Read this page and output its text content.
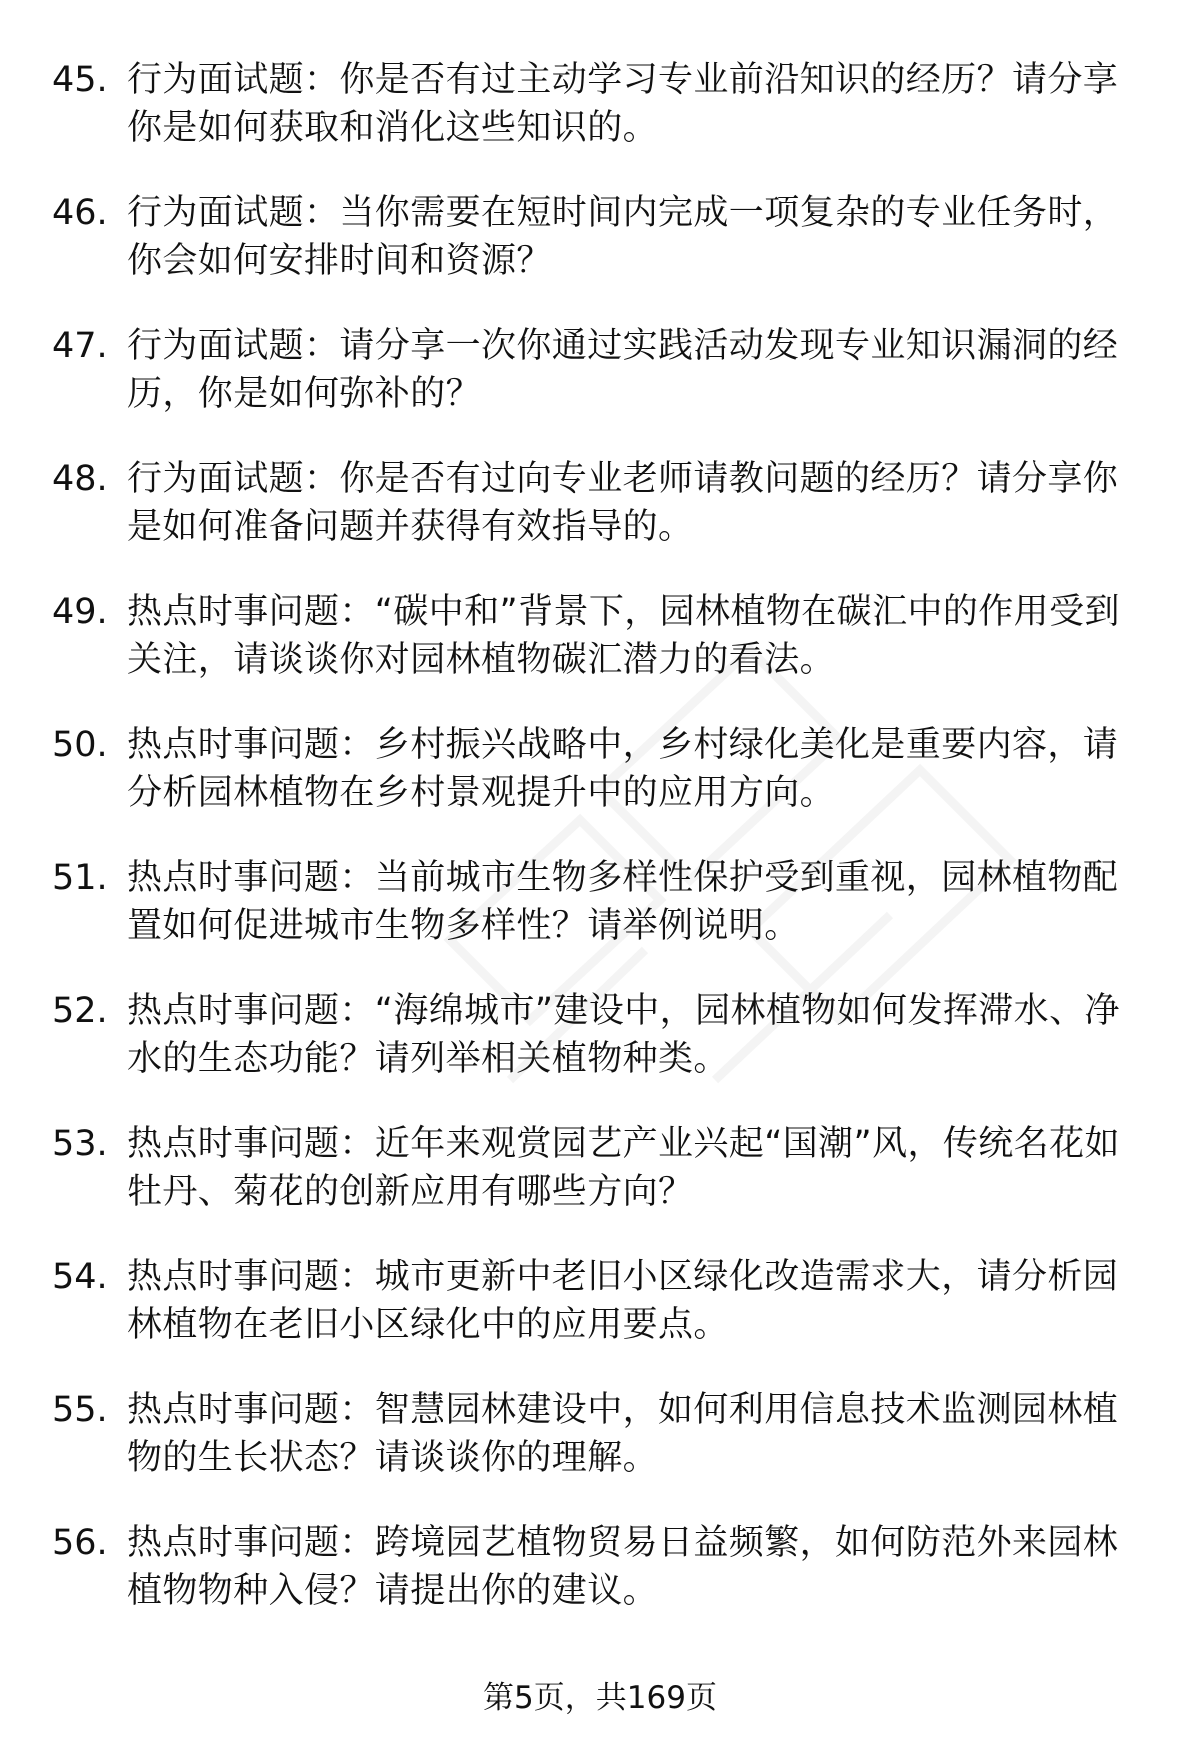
45. 行为面试题：你是否有过主动学习专业前沿知识的经历？请分享你是如何获取和消化这些知识的。
46. 行为面试题：当你需要在短时间内完成一项复杂的专业任务时，你会如何安排时间和资源？
47. 行为面试题：请分享一次你通过实践活动发现专业知识漏洞的经历，你是如何弥补的？
48. 行为面试题：你是否有过向专业老师请教问题的经历？请分享你是如何准备问题并获得有效指导的。
49. 热点时事问题：“碳中和”背景下，园林植物在碳汇中的作用受到关注，请谈谈你对园林植物碳汇潜力的看法。
50. 热点时事问题：乡村振兴战略中，乡村绿化美化是重要内容，请分析园林植物在乡村景观提升中的应用方向。
51. 热点时事问题：当前城市生物多样性保护受到重视，园林植物配置如何促进城市生物多样性？请举例说明。
52. 热点时事问题：“海绵城市”建设中，园林植物如何发挥滞水、净水的生态功能？请列举相关植物种类。
53. 热点时事问题：近年来观赏园艺产业兴起“国潮”风，传统名花如牡丹、菊花的创新应用有哪些方向？
54. 热点时事问题：城市更新中老旧小区绿化改造需求大，请分析园林植物在老旧小区绿化中的应用要点。
55. 热点时事问题：智慧园林建设中，如何利用信息技术监测园林植物的生长状态？请谈谈你的理解。
56. 热点时事问题：跨境园艺植物贸易日益频繁，如何防范外来园林植物物种入侵？请提出你的建议。
第5页，共169页
